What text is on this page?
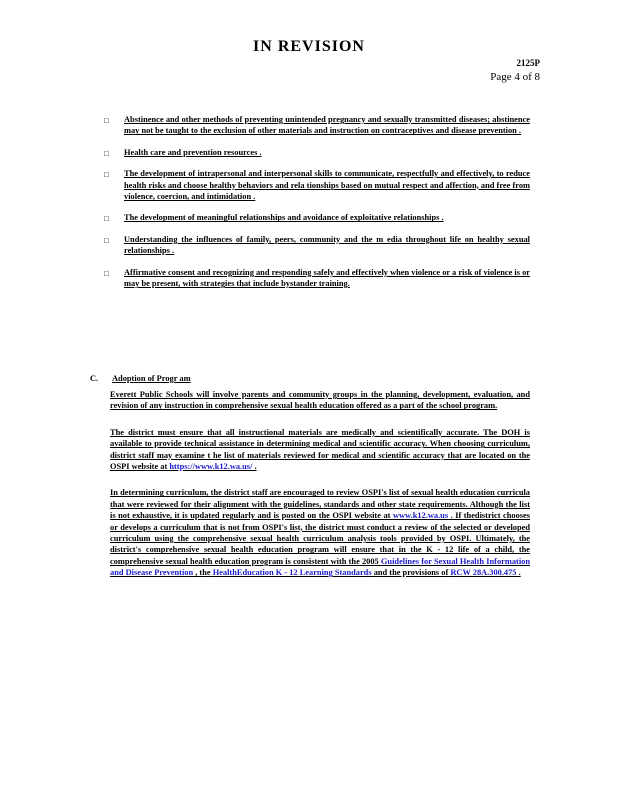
IN REVISION
2125P
Page 4 of 8
□ Abstinence and other methods of preventing unintended pregnancy and sexually transmitted diseases; abstinence may not be taught to the exclusion of other materials and instruction on contraceptives and disease prevention .
□ Health care and prevention resources .
□ The development of intrapersonal and interpersonal skills to communicate, respectfully and effectively, to reduce health risks and choose healthy behaviors and rela tionships based on mutual respect and affection, and free from violence, coercion, and intimidation .
□ The development of meaningful relationships and avoidance of exploitative relationships .
□ Understanding the influences of family, peers, community and the m edia throughout life on healthy sexual relationships .
□ Affirmative consent and recognizing and responding safely and effectively when violence or a risk of violence is or may be present, with strategies that include bystander training.
C. Adoption of Progr am
Everett Public Schools will involve parents and community groups in the planning, development, evaluation, and revision of any instruction in comprehensive sexual health education offered as a part of the school program.
The district must ensure that all instructional materials are medically and scientifically accurate. The DOH is available to provide technical assistance in determining medical and scientific accuracy. When choosing curriculum, district staff may examine t he list of materials reviewed for medical and scientific accuracy that are located on the OSPI website at https://www.k12.wa.us/ .
In determining curriculum, the district staff are encouraged to review OSPI's list of sexual health education curricula that were reviewed for their alignment with the guidelines, standards and other state requirements. Although the list is not exhaustive, it is updated regularly and is posted on the OSPI website at www.k12.wa.us . If thedistrict chooses or develops a curriculum that is not from OSPI's list, the district must conduct a review of the selected or developed curriculum using the comprehensive sexual health curriculum analysis tools provided by OSPI. Ultimately, the district's comprehensive sexual health education program will ensure that in the K - 12 life of a child, the comprehensive sexual health education program is consistent with the 2005 Guidelines for Sexual Health Information and Disease Prevention , the HealthEducation K - 12 Learning Standards and the provisions of RCW 28A.300.475 .
